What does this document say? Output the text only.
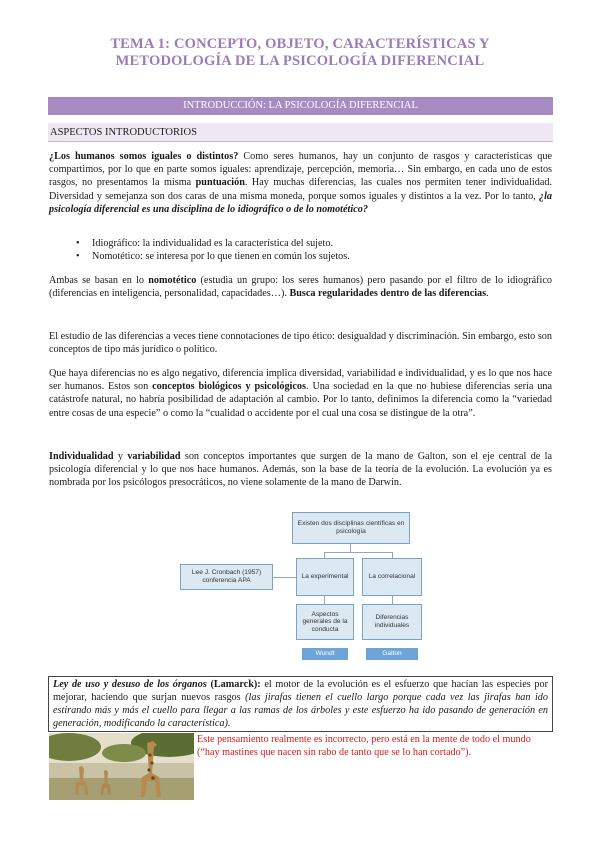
TEMA 1: CONCEPTO, OBJETO, CARACTERÍSTICAS Y
METODOLOGÍA DE LA PSICOLOGÍA DIFERENCIAL
INTRODUCCIÓN: LA PSICOLOGÍA DIFERENCIAL
ASPECTOS INTRODUCTORIOS
¿Los humanos somos iguales o distintos? Como seres humanos, hay un conjunto de rasgos y características que compartimos, por lo que en parte somos iguales: aprendizaje, percepción, memoria… Sin embargo, en cada uno de estos rasgos, no presentamos la misma puntuación. Hay muchas diferencias, las cuales nos permiten tener individualidad. Diversidad y semejanza son dos caras de una misma moneda, porque somos iguales y distintos a la vez. Por lo tanto, ¿la psicología diferencial es una disciplina de lo idiográfico o de lo nomotético?
• Idiográfico: la individualidad es la característica del sujeto.
• Nomotético: se interesa por lo que tienen en común los sujetos.
Ambas se basan en lo nomotético (estudia un grupo: los seres humanos) pero pasando por el filtro de lo idiográfico (diferencias en inteligencia, personalidad, capacidades…). Busca regularidades dentro de las diferencias.
El estudio de las diferencias a veces tiene connotaciones de tipo ético: desigualdad y discriminación. Sin embargo, esto son conceptos de tipo más jurídico o político.
Que haya diferencias no es algo negativo, diferencia implica diversidad, variabilidad e individualidad, y es lo que nos hace ser humanos. Estos son conceptos biológicos y psicológicos. Una sociedad en la que no hubiese diferencias sería una catástrofe natural, no habría posibilidad de adaptación al cambio. Por lo tanto, definimos la diferencia como la “variedad entre cosas de una especie” o como la “cualidad o accidente por el cual una cosa se distingue de la otra”.
Individualidad y variabilidad son conceptos importantes que surgen de la mano de Galton, son el eje central de la psicología diferencial y lo que nos hace humanos. Además, son la base de la teoría de la evolución. La evolución ya es nombrada por los psicólogos presocráticos, no viene solamente de la mano de Darwin.
Existen dos disciplinas científicas en psicología
Lee J. Cronbach (1957) conferencia APA
La experimental	La correlacional
Aspectos generales de la conducta
Diferencias individuales
Wundt	Galton
Ley de uso y desuso de los órganos (Lamarck): el motor de la evolución es el esfuerzo que hacían las especies por mejorar, haciendo que surjan nuevos rasgos (las jirafas tienen el cuello largo porque cada vez las jirafas han ido estirando más y más el cuello para llegar a las ramas de los árboles y este esfuerzo ha ido pasando de generación en generación, modificando la característica).
Este pensamiento realmente es incorrecto, pero está en la mente de todo el mundo
(“hay mastines que nacen sin rabo de tanto que se lo han cortado”).
